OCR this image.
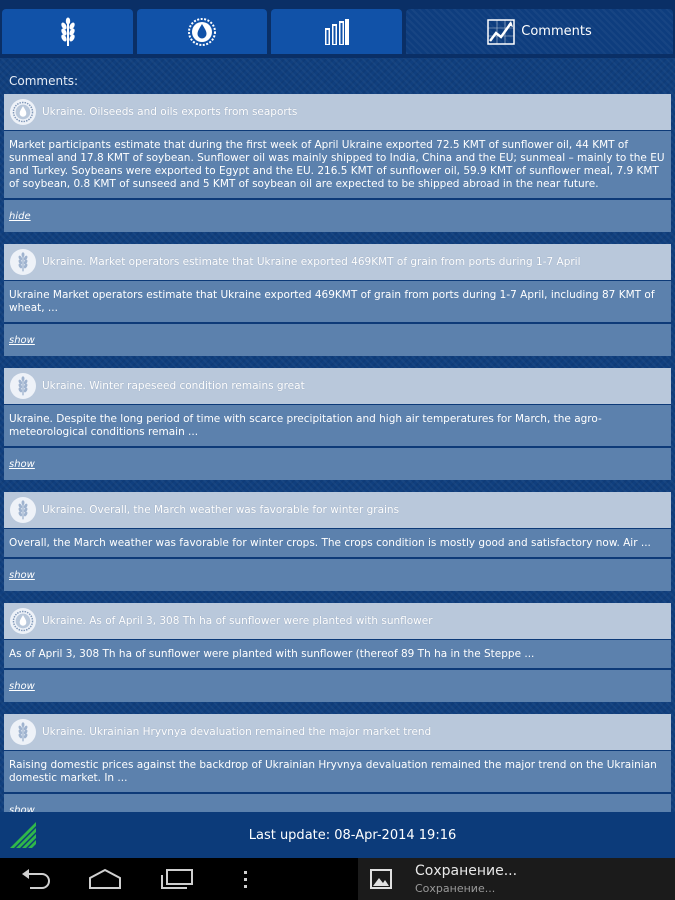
Comments
Comments:
Ukraine. Oilseeds and oils exports from seaports
Market participants estimate that during the first week of April Ukraine exported 72.5 KMT of sunflower oil, 44 KMT of sunmeal and 17.8 KMT of soybean. Sunflower oil was mainly shipped to India, China and the EU; sunmeal – mainly to the EU and Turkey. Soybeans were exported to Egypt and the EU. 216.5 KMT of sunflower oil, 59.9 KMT of sunflower meal, 7.9 KMT of soybean, 0.8 KMT of sunseed and 5 KMT of soybean oil are expected to be shipped abroad in the near future.
hide
Ukraine. Market operators estimate that Ukraine exported 469KMT of grain from ports during 1-7 April
Ukraine Market operators estimate that Ukraine exported 469KMT of grain from ports during 1-7 April, including 87 KMT of wheat, ...
show
Ukraine. Winter rapeseed condition remains great
Ukraine. Despite the long period of time with scarce precipitation and high air temperatures for March, the agro-meteorological conditions remain ...
show
Ukraine. Overall, the March weather was favorable for winter grains
Overall, the March weather was favorable for winter crops. The crops condition is mostly good and satisfactory now. Air ...
show
Ukraine. As of April 3, 308 Th ha of sunflower were planted with sunflower
As of April 3, 308 Th ha of sunflower were planted with sunflower (thereof 89 Th ha in the Steppe ...
show
Ukraine. Ukrainian Hryvnya devaluation remained the major market trend
Raising domestic prices against the backdrop of Ukrainian Hryvnya devaluation remained the major trend on the Ukrainian domestic market. In ...
show
Last update: 08-Apr-2014 19:16
Сохранение...
Сохранение...
